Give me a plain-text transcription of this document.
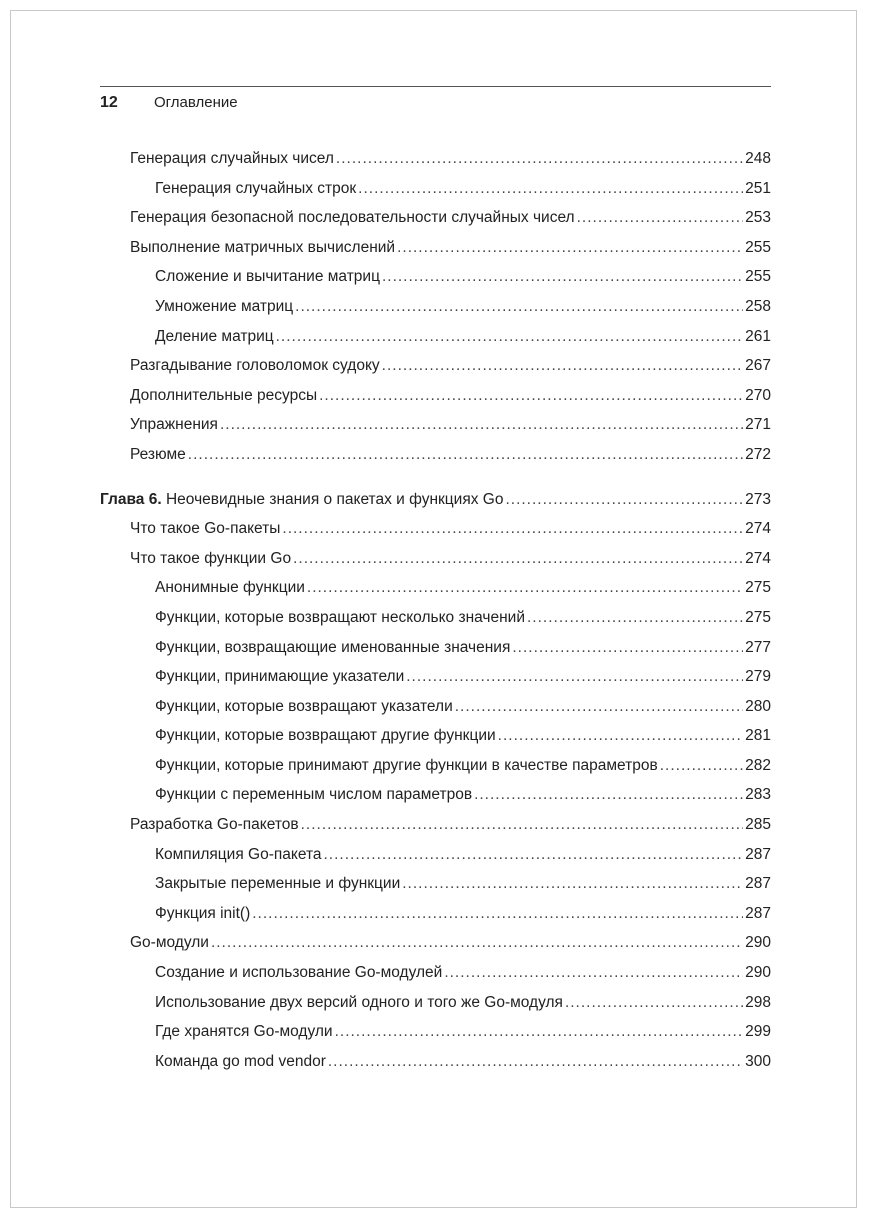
12 Оглавление
Генерация случайных чисел .....	248
Генерация случайных строк .....	251
Генерация безопасной последовательности случайных чисел .....	253
Выполнение матричных вычислений .....	255
Сложение и вычитание матриц .....	255
Умножение матриц .....	258
Деление матриц .....	261
Разгадывание головоломок судоку .....	267
Дополнительные ресурсы .....	270
Упражнения .....	271
Резюме .....	272
Глава 6. Неочевидные знания о пакетах и функциях Go .....	273
Что такое Go-пакеты .....	274
Что такое функции Go .....	274
Анонимные функции .....	275
Функции, которые возвращают несколько значений .....	275
Функции, возвращающие именованные значения .....	277
Функции, принимающие указатели .....	279
Функции, которые возвращают указатели .....	280
Функции, которые возвращают другие функции .....	281
Функции, которые принимают другие функции в качестве параметров .....	282
Функции с переменным числом параметров .....	283
Разработка Go-пакетов .....	285
Компиляция Go-пакета .....	287
Закрытые переменные и функции .....	287
Функция init() .....	287
Go-модули .....	290
Создание и использование Go-модулей .....	290
Использование двух версий одного и того же Go-модуля .....	298
Где хранятся Go-модули .....	299
Команда go mod vendor .....	300
